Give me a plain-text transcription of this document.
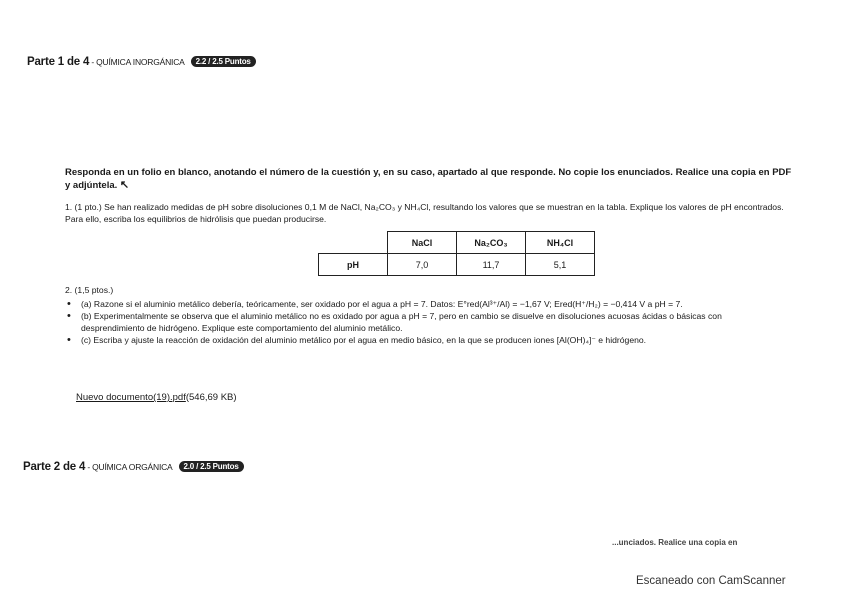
Parte 1 de 4 - QUÍMICA INORGÁNICA 2.2 / 2.5 Puntos
Responda en un folio en blanco, anotando el número de la cuestión y, en su caso, apartado al que responde. No copie los enunciados. Realice una copia en PDF y adjúntela. ↖
1. (1 pto.) Se han realizado medidas de pH sobre disoluciones 0,1 M de NaCl, Na₂CO₃ y NH₄Cl, resultando los valores que se muestran en la tabla. Explique los valores de pH encontrados. Para ello, escriba los equilibrios de hidrólisis que puedan producirse.
	NaCl	Na₂CO₃	NH₄Cl
pH	7,0	11,7	5,1
2. (1,5 ptos.)
• (a) Razone si el aluminio metálico debería, teóricamente, ser oxidado por el agua a pH = 7. Datos: E°red(Al³⁺/Al) = −1,67 V; Ered(H⁺/H₂) = −0,414 V a pH = 7.
• (b) Experimentalmente se observa que el aluminio metálico no es oxidado por agua a pH = 7, pero en cambio se disuelve en disoluciones acuosas ácidas o básicas con desprendimiento de hidrógeno. Explique este comportamiento del aluminio metálico.
• (c) Escriba y ajuste la reacción de oxidación del aluminio metálico por el agua en medio básico, en la que se producen iones [Al(OH)₄]⁻ e hidrógeno.
Nuevo documento(19).pdf(546,69 KB)
Parte 2 de 4 - QUÍMICA ORGÁNICA 2.0 / 2.5 Puntos
...unciados. Realice una copia en
Escaneado con CamScanner
